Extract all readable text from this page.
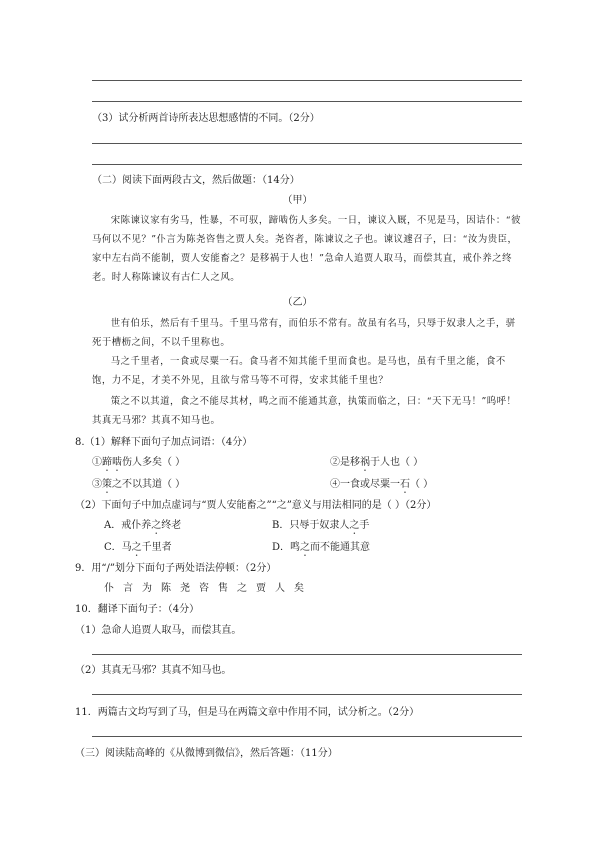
（3）试分析两首诗所表达思想感情的不同。（2分）
（二）阅读下面两段古文，然后做题：（14分）
（甲）
宋陈谏议家有劣马，性暴，不可驭，蹄啮伤人多矣。一日，谏议入厩，不见是马，因诘仆：“彼马何以不见？”仆言为陈尧咨售之贾人矣。尧咨者，陈谏议之子也。谏议遽召子，曰：“汝为贵臣，家中左右尚不能制，贾人安能畜之？是移祸于人也！”急命人追贾人取马，而偿其直，戒仆养之终老。时人称陈谏议有古仁人之风。
（乙）
世有伯乐，然后有千里马。千里马常有，而伯乐不常有。故虽有名马，只辱于奴隶人之手，骈死于槽枥之间，不以千里称也。
马之千里者，一食或尽粟一石。食马者不知其能千里而食也。是马也，虽有千里之能，食不饱，力不足，才美不外见，且欲与常马等不可得，安求其能千里也？
策之不以其道，食之不能尽其材，鸣之而不能通其意，执策而临之，曰：“天下无马！”呜呼！其真无马邪？其真不知马也。
8.（1）解释下面句子加点词语：（4分）
①蹄啮伤人多矣（ ）	②是移祸于人也（ ）
③策之不以其道（ ）	④一食或尽粟一石（ ）
（2）下面句子中加点虚词与“贾人安能畜之”“之”意义与用法相同的是（ ）（2分）
A．戒仆养之终老	B．只辱于奴隶人之手
C．马之千里者	D．鸣之而不能通其意
9．用“/”划分下面句子两处语法停顿：（2分）
仆 言 为 陈 尧 咨 售 之 贾 人 矣
10．翻译下面句子：（4分）
（1）急命人追贾人取马，而偿其直。
（2）其真无马邪？其真不知马也。
11．两篇古文均写到了马，但是马在两篇文章中作用不同，试分析之。（2分）
（三）阅读陆高峰的《从微博到微信》，然后答题：（11分）
